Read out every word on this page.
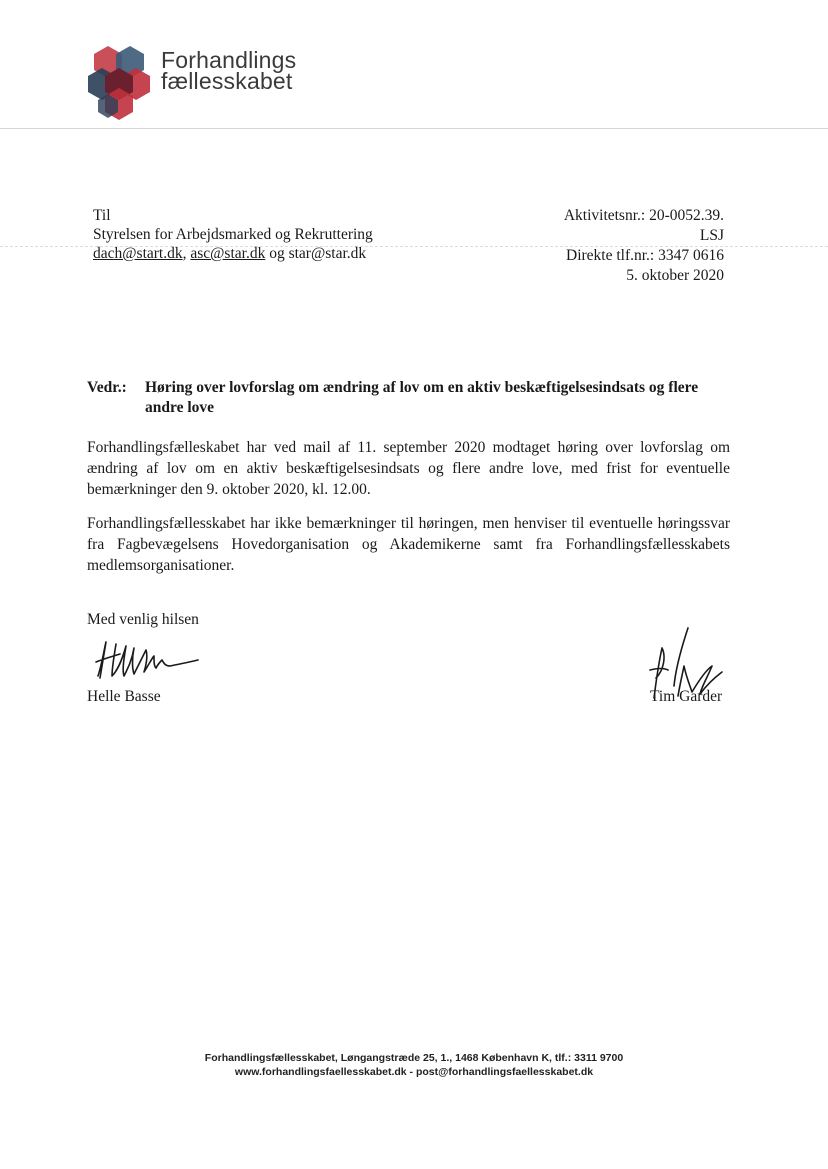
Forhandlings
fællesskabet
Til
Styrelsen for Arbejdsmarked og Rekruttering
dach@start.dk, asc@star.dk og star@star.dk
Aktivitetsnr.: 20-0052.39.
LSJ
Direkte tlf.nr.: 3347 0616
5. oktober 2020
Vedr.: Høring over lovforslag om ændring af lov om en aktiv beskæftigelsesindsats og flere andre love
Forhandlingsfælleskabet har ved mail af 11. september 2020 modtaget høring over lovforslag om ændring af lov om en aktiv beskæftigelsesindsats og flere andre love, med frist for eventuelle bemærkninger den 9. oktober 2020, kl. 12.00.
Forhandlingsfællesskabet har ikke bemærkninger til høringen, men henviser til eventuelle høringssvar fra Fagbevægelsens Hovedorganisation og Akademikerne samt fra Forhandlingsfællesskabets medlemsorganisationer.
Med venlig hilsen
Helle Basse	Tim Garder
Forhandlingsfællesskabet, Løngangstræde 25, 1., 1468 København K, tlf.: 3311 9700
www.forhandlingsfaellesskabet.dk - post@forhandlingsfaellesskabet.dk
